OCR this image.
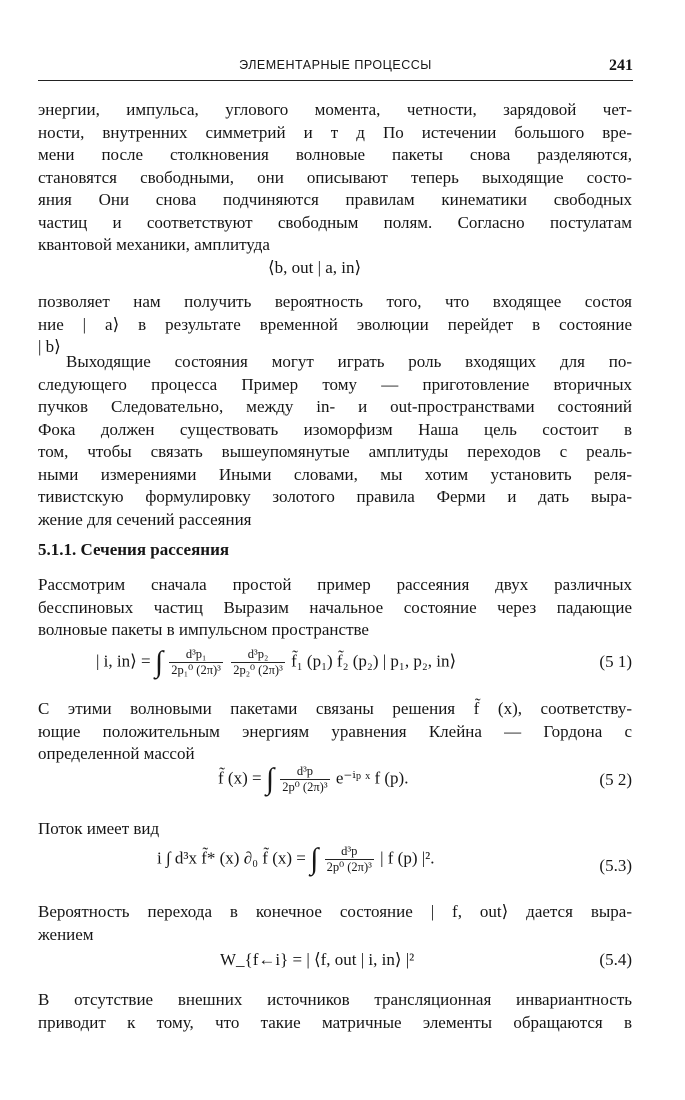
ЭЛЕМЕНТАРНЫЕ ПРОЦЕССЫ	241
энергии, импульса, углового момента, четности, зарядовой чет-
ности, внутренних симметрий и т д По истечении большого вре-
мени после столкновения волновые пакеты снова разделяются,
становятся свободными, они описывают теперь выходящие состо-
яния Они снова подчиняются правилам кинематики свободных
частиц и соответствуют свободным полям. Согласно постулатам
квантовой механики, амплитуда
⟨b, out | a, in⟩
позволяет нам получить вероятность того, что входящее состоя
ние | a⟩ в результате временной эволюции перейдет в состояние
| b⟩
Выходящие состояния могут играть роль входящих для по-
следующего процесса Пример тому — приготовление вторичных
пучков Следовательно, между in- и out-пространствами состояний
Фока должен существовать изоморфизм Наша цель состоит в
том, чтобы связать вышеупомянутые амплитуды переходов с реаль-
ными измерениями Иными словами, мы хотим установить реля-
тивистскую формулировку золотого правила Ферми и дать выра-
жение для сечений рассеяния
5.1.1. Сечения рассеяния
Рассмотрим сначала простой пример рассеяния двух различных
бесспиновых частиц Выразим начальное состояние через падающие
волновые пакеты в импульсном пространстве
| i, in⟩ = ∫ $\frac{\text{d³p₁}}{\text{2p₁⁰ (2π)³}}$
$\frac{\text{d³p₂}}{\text{2p₂⁰ (2π)³}}$ f̃₁ (p₁) f̃₂ (p₂) | p₁, p₂, in⟩	(5 1)
С этими волновыми пакетами связаны решения f̃ (x), соответству-
ющие положительным энергиям уравнения Клейна — Гордона с
определенной массой
f̃ (x) = ∫ $\frac{\text{d³p}}{\text{2p⁰ (2π)³}}$ e⁻ⁱᵖ ˣ f (p).	(5 2)
Поток имеет вид
i ∫ d³x f̃* (x) ∂₀ f̃ (x) = ∫ $\frac{\text{d³p}}{\text{2p⁰ (2π)³}}$ | f (p) |².	(5.3)
Вероятность перехода в конечное состояние | f, out⟩ дается выра-
жением
W_{f←i} = | ⟨f, out | i, in⟩ |²	(5.4)
В отсутствие внешних источников трансляционная инвариантность
приводит к тому, что такие матричные элементы обращаются в
